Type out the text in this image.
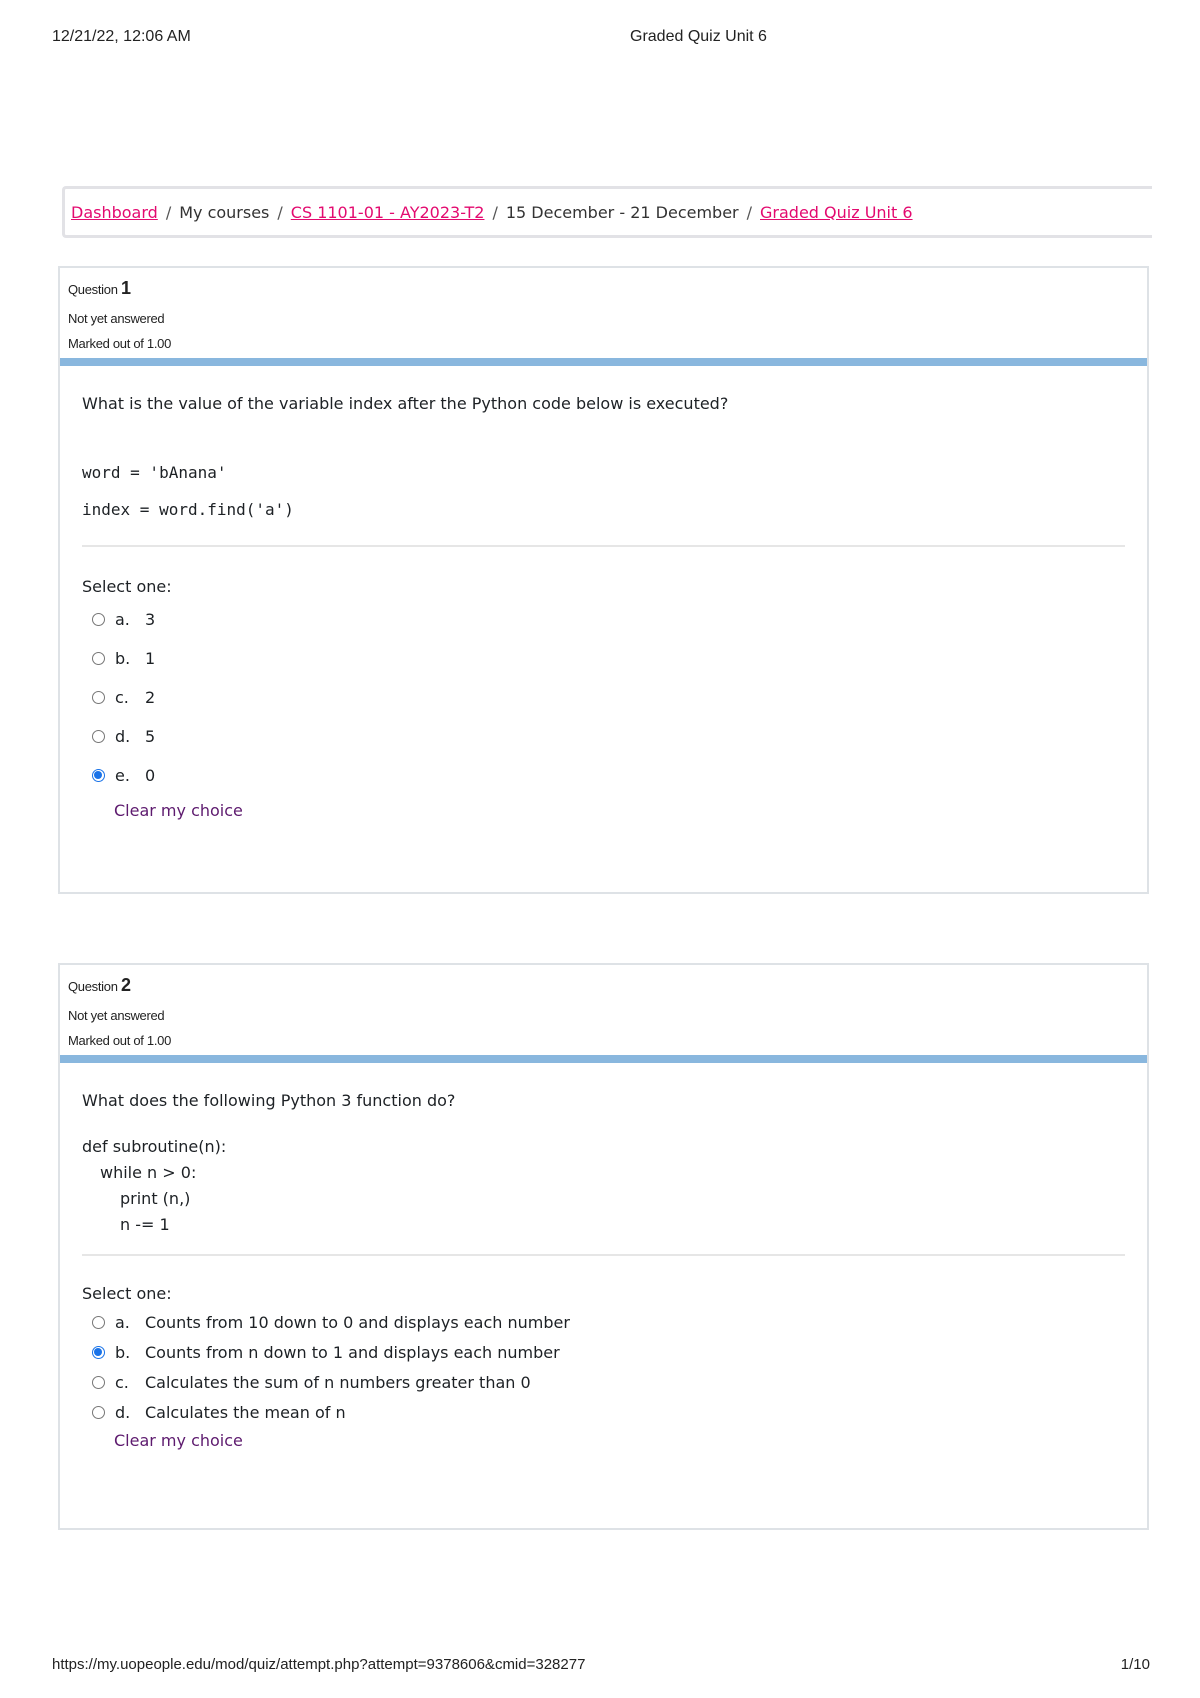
12/21/22, 12:06 AM	Graded Quiz Unit 6
Dashboard / My courses / CS 1101-01 - AY2023-T2 / 15 December - 21 December / Graded Quiz Unit 6
Question 1
Not yet answered
Marked out of 1.00

What is the value of the variable index after the Python code below is executed?

word = 'bAnana'
index = word.find('a')
Select one:
a. 3
b. 1
c.	2
d. 5
e. 0
Clear my choice
Question 2
Not yet answered
Marked out of 1.00

What does the following Python 3 function do?

def subroutine(n):

while n > 0:

print (n,)

n -= 1

Select one:
a. Counts from 10 down to 0 and displays each number
b. Counts from n down to 1 and displays each number
c.	Calculates the sum of n numbers greater than 0
d. Calculates the mean of n
Clear my choice
https://my.uopeople.edu/mod/quiz/attempt.php?attempt=9378606&cmid=328277	1/10
